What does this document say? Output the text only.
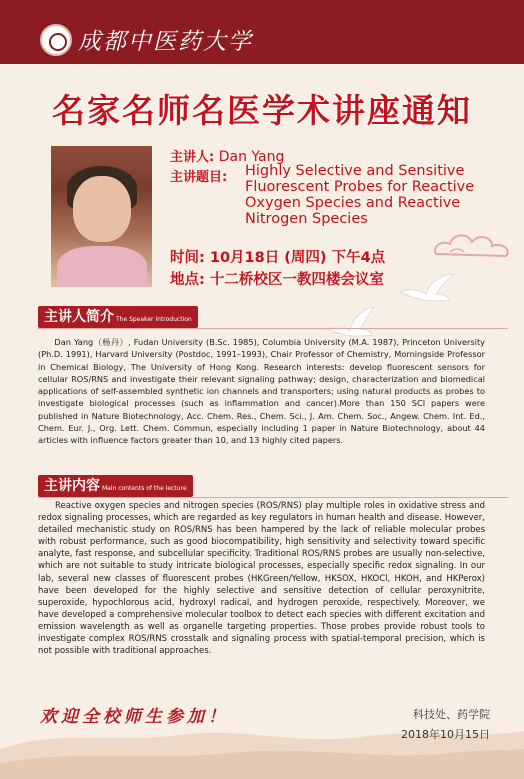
成都中医药大学
名家名师名医学术讲座通知
主讲人: Dan Yang
主讲题目: Highly Selective and Sensitive Fluorescent Probes for Reactive Oxygen Species and Reactive Nitrogen Species
时间: 10月18日 (周四) 下午4点
地点: 十二桥校区一教四楼会议室
主讲人简介 The Speaker Introduction
Dan Yang（杨丹）, Fudan University (B.Sc. 1985), Columbia University (M.A. 1987), Princeton University (Ph.D. 1991), Harvard University (Postdoc, 1991–1993), Chair Professor of Chemistry, Morningside Professor in Chemical Biology, The University of Hong Kong. Research interests: develop fluorescent sensors for cellular ROS/RNS and investigate their relevant signaling pathway; design, characterization and biomedical applications of self-assembled synthetic ion channels and transporters; using natural products as probes to investigate biological processes (such as inflammation and cancer).More than 150 SCI papers were published in Nature Biotechnology, Acc. Chem. Res., Chem. Sci., J. Am. Chem. Soc., Angew. Chem. Int. Ed., Chem. Eur. J., Org. Lett. Chem. Commun, especially including 1 paper in Nature Biotechnology, about 44 articles with influence factors greater than 10, and 13 highly cited papers.
主讲内容 Main contents of the lecture
Reactive oxygen species and nitrogen species (ROS/RNS) play multiple roles in oxidative stress and redox signaling processes, which are regarded as key regulators in human health and disease. However, detailed mechanistic study on ROS/RNS has been hampered by the lack of reliable molecular probes with robust performance, such as good biocompatibility, high sensitivity and selectivity toward specific analyte, fast response, and subcellular specificity. Traditional ROS/RNS probes are usually non-selective, which are not suitable to study intricate biological processes, especially specific redox signaling. In our lab, several new classes of fluorescent probes (HKGreen/Yellow, HKSOX, HKOCl, HKOH, and HKPerox) have been developed for the highly selective and sensitive detection of cellular peroxynitrite, superoxide, hypochlorous acid, hydroxyl radical, and hydrogen peroxide, respectively. Moreover, we have developed a comprehensive molecular toolbox to detect each species with different excitation and emission wavelength as well as organelle targeting properties. Those probes provide robust tools to investigate complex ROS/RNS crosstalk and signaling process with spatial-temporal precision, which is not possible with traditional approaches.
欢迎全校师生参加！	科技处、药学院
2018年10月15日
